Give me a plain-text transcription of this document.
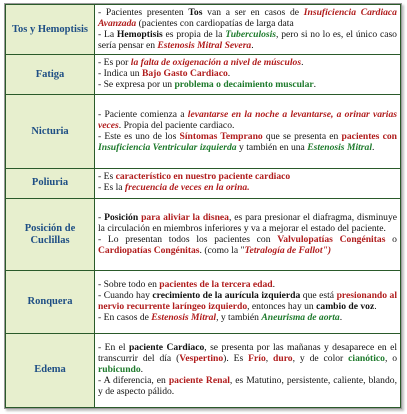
Tos y Hemoptisis	- Pacientes presenten Tos van a ser en casos de Insuficiencia Cardiaca Avanzada (pacientes con cardiopatías de larga data
- La Hemoptisis es propia de la Tuberculosis, pero si no lo es, el único caso sería pensar en Estenosis Mitral Severa.

Fatiga	- Es por la falta de oxigenación a nivel de músculos.
- Indica un Bajo Gasto Cardiaco.
- Se expresa por un problema o decaimiento muscular.

Nicturia	- Paciente comienza a levantarse en la noche a levantarse, a orinar varias veces. Propia del paciente cardiaco.
- Este es uno de los Síntomas Temprano que se presenta en pacientes con Insuficiencia Ventricular izquierda y también en una Estenosis Mitral.

Poliuria	- Es característico en nuestro paciente cardiaco
- Es la frecuencia de veces en la orina.

Posición de Cuclillas	- Posición para aliviar la disnea, es para presionar el diafragma, disminuye la circulación en miembros inferiores y va a mejorar el estado del paciente.
- Lo presentan todos los pacientes con Valvulopatías Congénitas o Cardiopatías Congénitas. (como la "Tetralogía de Fallot")

Ronquera	- Sobre todo en pacientes de la tercera edad.
- Cuando hay crecimiento de la aurícula izquierda que está presionando al nervio recurrente laríngeo izquierdo, entonces hay un cambio de voz.
- En casos de Estenosis Mitral, y también Aneurisma de aorta.

Edema	- En el paciente Cardiaco, se presenta por las mañanas y desaparece en el transcurrir del día (Vespertino). Es Frío, duro, y de color cianótico, o rubicundo.
- A diferencia, en paciente Renal, es Matutino, persistente, caliente, blando, y de aspecto pálido.
